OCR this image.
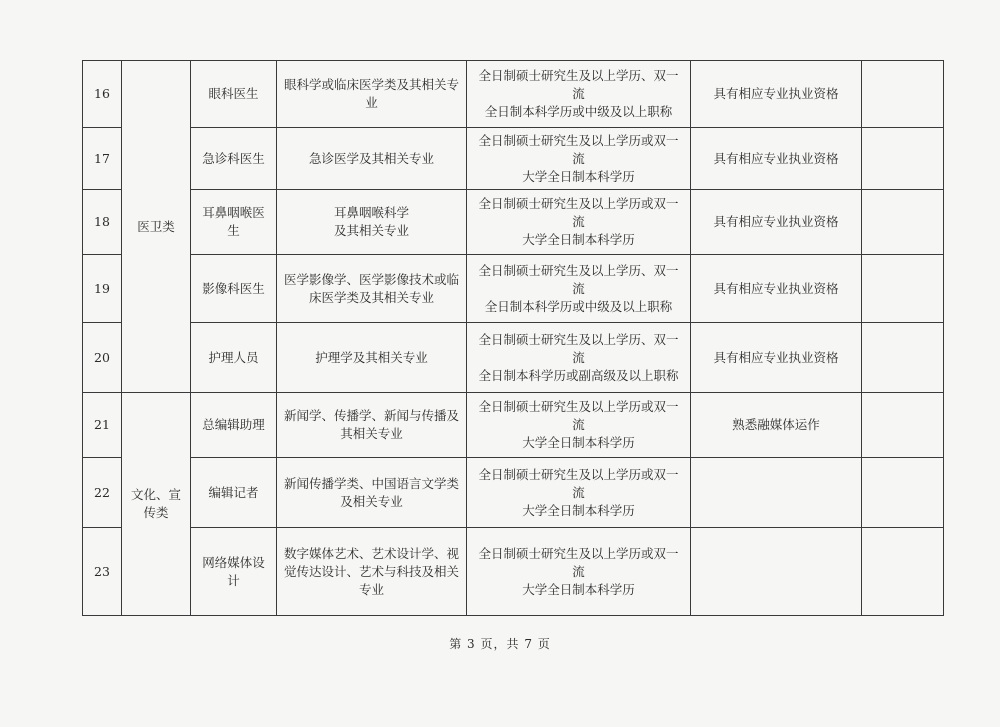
16	医卫类	眼科医生	眼科学或临床医学类及其相关专业	全日制硕士研究生及以上学历、双一流
全日制本科学历或中级及以上职称	具有相应专业执业资格	
17		急诊科医生	急诊医学及其相关专业	全日制硕士研究生及以上学历或双一流
大学全日制本科学历	具有相应专业执业资格	
18		耳鼻咽喉医生	耳鼻咽喉科学
及其相关专业	全日制硕士研究生及以上学历或双一流
大学全日制本科学历	具有相应专业执业资格	
19		影像科医生	医学影像学、医学影像技术或临
床医学类及其相关专业	全日制硕士研究生及以上学历、双一流
全日制本科学历或中级及以上职称	具有相应专业执业资格	
20		护理人员	护理学及其相关专业	全日制硕士研究生及以上学历、双一流
全日制本科学历或副高级及以上职称	具有相应专业执业资格	
21	文化、宣
传类	总编辑助理	新闻学、传播学、新闻与传播及
其相关专业	全日制硕士研究生及以上学历或双一流
大学全日制本科学历	熟悉融媒体运作	
22		编辑记者	新闻传播学类、中国语言文学类
及相关专业	全日制硕士研究生及以上学历或双一流
大学全日制本科学历		
23		网络媒体设计	数字媒体艺术、艺术设计学、视
觉传达设计、艺术与科技及相关
专业	全日制硕士研究生及以上学历或双一流
大学全日制本科学历		
第 3 页，共 7 页
